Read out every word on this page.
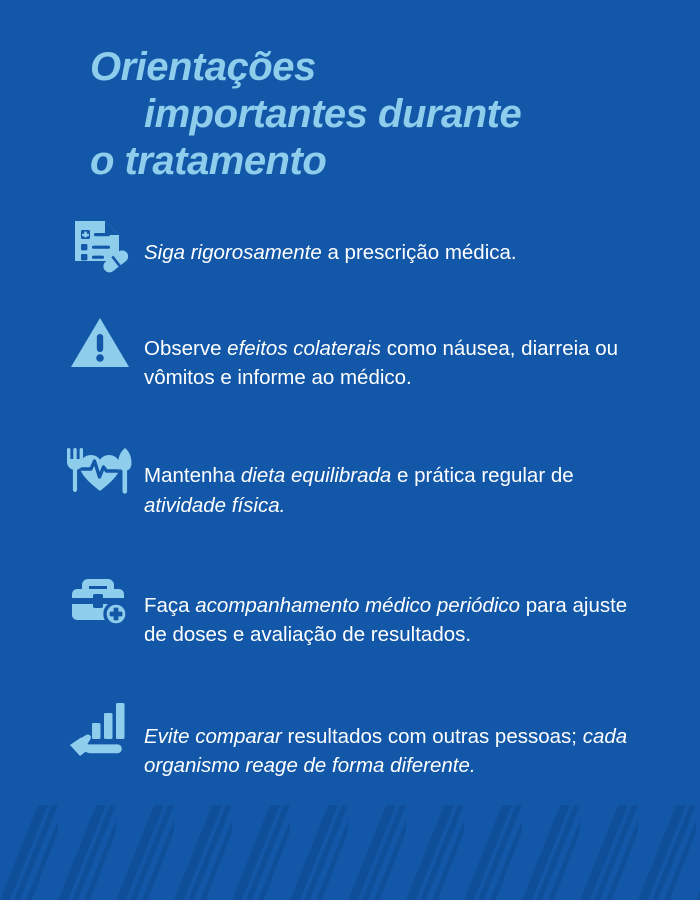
Orientações
importantes durante
o tratamento

Siga rigorosamente a prescrição médica.

Observe efeitos colaterais como náusea, diarreia ou vômitos e informe ao médico.

Mantenha dieta equilibrada e prática regular de atividade física.

Faça acompanhamento médico periódico para ajuste de doses e avaliação de resultados.

Evite comparar resultados com outras pessoas; cada organismo reage de forma diferente.
